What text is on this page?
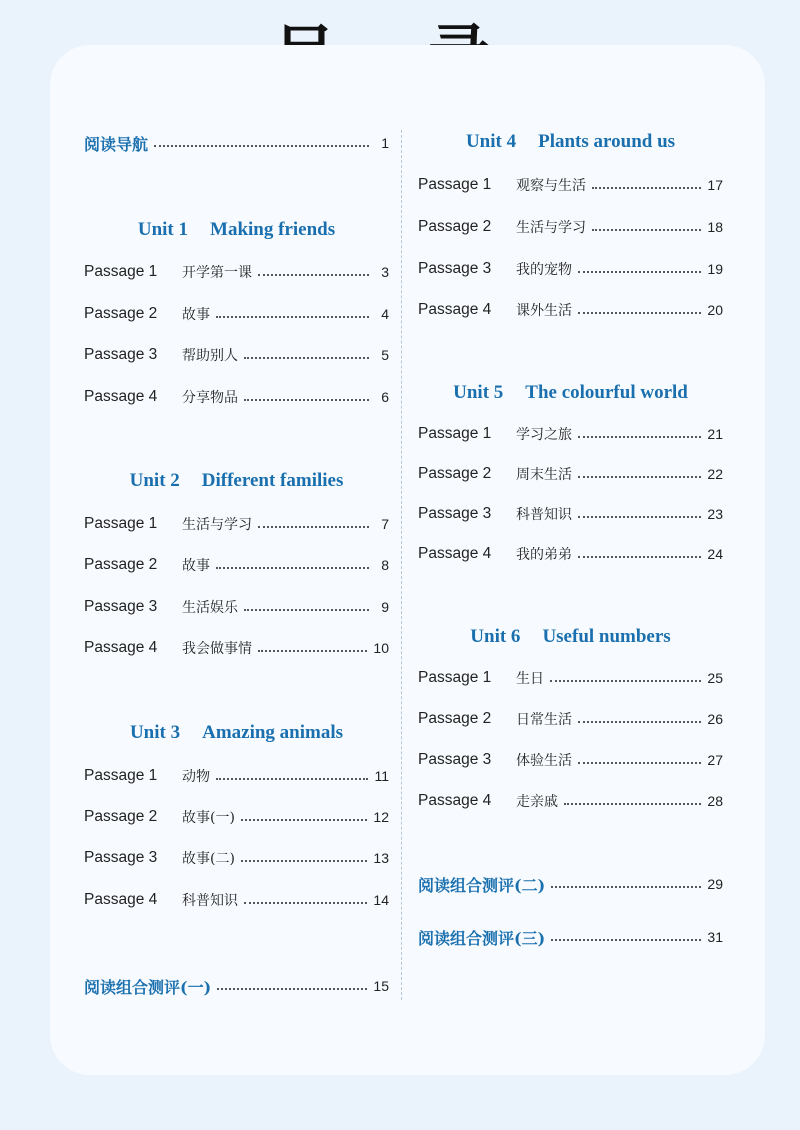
阅读导航	1
Unit 1 Making friends
Passage 1	开学第一课	3
Passage 2	故事	4
Passage 3	帮助别人	5
Passage 4	分享物品	6
Unit 2 Different families
Passage 1	生活与学习	7
Passage 2	故事	8
Passage 3	生活娱乐	9
Passage 4	我会做事情	10
Unit 3 Amazing animals
Passage 1	动物	11
Passage 2	故事(一)	12
Passage 3	故事(二)	13
Passage 4	科普知识	14
阅读组合测评(一)	15
Unit 4 Plants around us
Passage 1	观察与生活	17
Passage 2	生活与学习	18
Passage 3	我的宠物	19
Passage 4	课外生活	20
Unit 5 The colourful world
Passage 1	学习之旅	21
Passage 2	周末生活	22
Passage 3	科普知识	23
Passage 4	我的弟弟	24
Unit 6 Useful numbers
Passage 1	生日	25
Passage 2	日常生活	26
Passage 3	体验生活	27
Passage 4	走亲戚	28
阅读组合测评(二)	29
阅读组合测评(三)	31
